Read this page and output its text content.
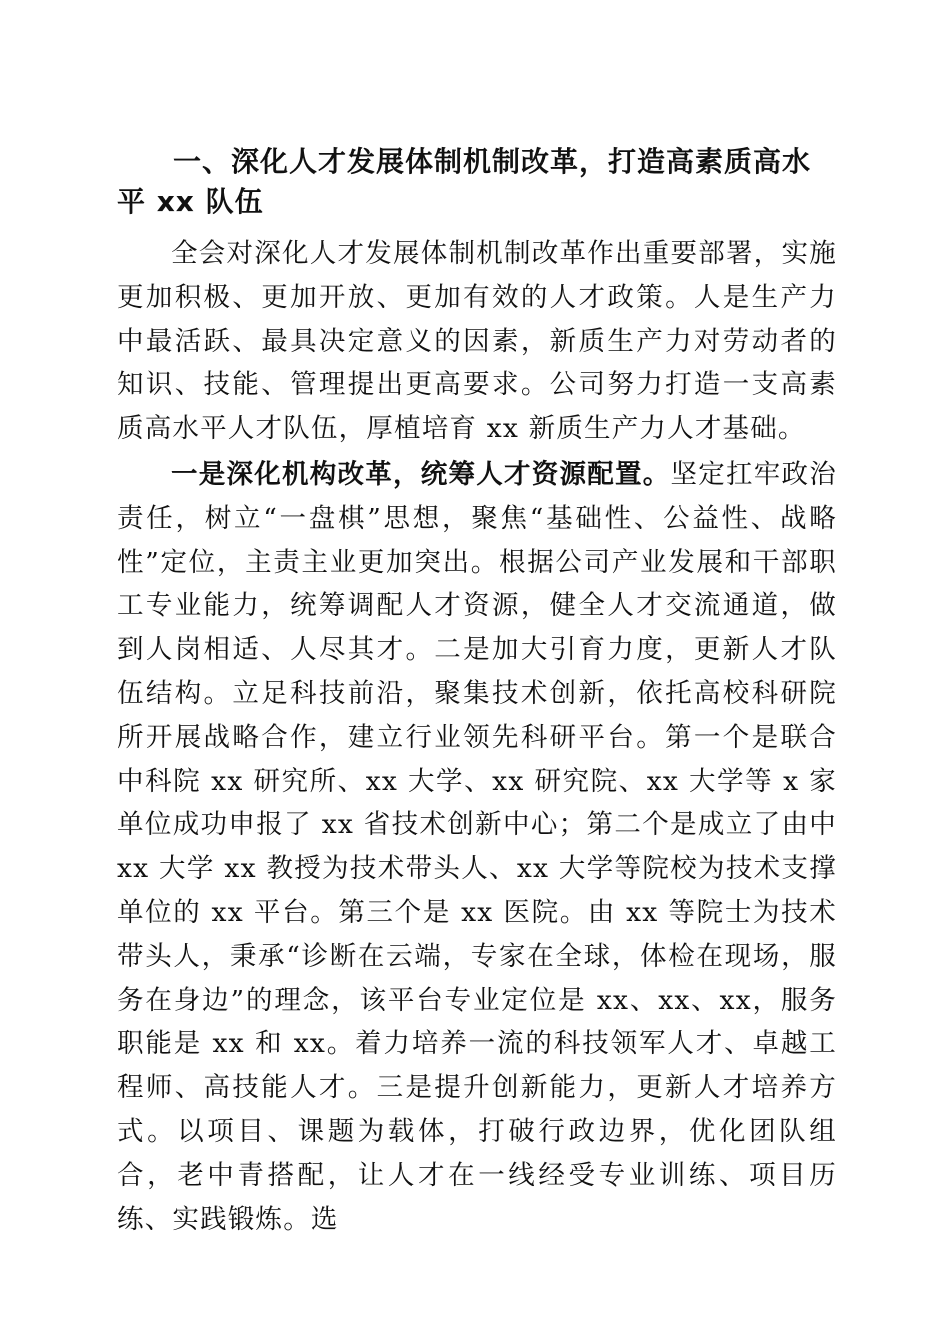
一、深化人才发展体制机制改革，打造高素质高水平 xx 队伍

全会对深化人才发展体制机制改革作出重要部署，实施更加积极、更加开放、更加有效的人才政策。人是生产力中最活跃、最具决定意义的因素，新质生产力对劳动者的知识、技能、管理提出更高要求。公司努力打造一支高素质高水平人才队伍，厚植培育 xx 新质生产力人才基础。

一是深化机构改革，统筹人才资源配置。坚定扛牢政治责任，树立“一盘棋”思想，聚焦“基础性、公益性、战略性”定位，主责主业更加突出。根据公司产业发展和干部职工专业能力，统筹调配人才资源，健全人才交流通道，做到人岗相适、人尽其才。二是加大引育力度，更新人才队伍结构。立足科技前沿，聚集技术创新，依托高校科研院所开展战略合作，建立行业领先科研平台。第一个是联合中科院 xx 研究所、xx 大学、xx 研究院、xx 大学等 x 家单位成功申报了 xx 省技术创新中心；第二个是成立了由中 xx 大学 xx 教授为技术带头人、xx 大学等院校为技术支撑单位的 xx 平台。第三个是 xx 医院。由 xx 等院士为技术带头人，秉承“诊断在云端，专家在全球，体检在现场，服务在身边”的理念，该平台专业定位是 xx、xx、xx，服务职能是 xx 和 xx。着力培养一流的科技领军人才、卓越工程师、高技能人才。三是提升创新能力，更新人才培养方式。以项目、课题为载体，打破行政边界，优化团队组合，老中青搭配，让人才在一线经受专业训练、项目历练、实践锻炼。选
